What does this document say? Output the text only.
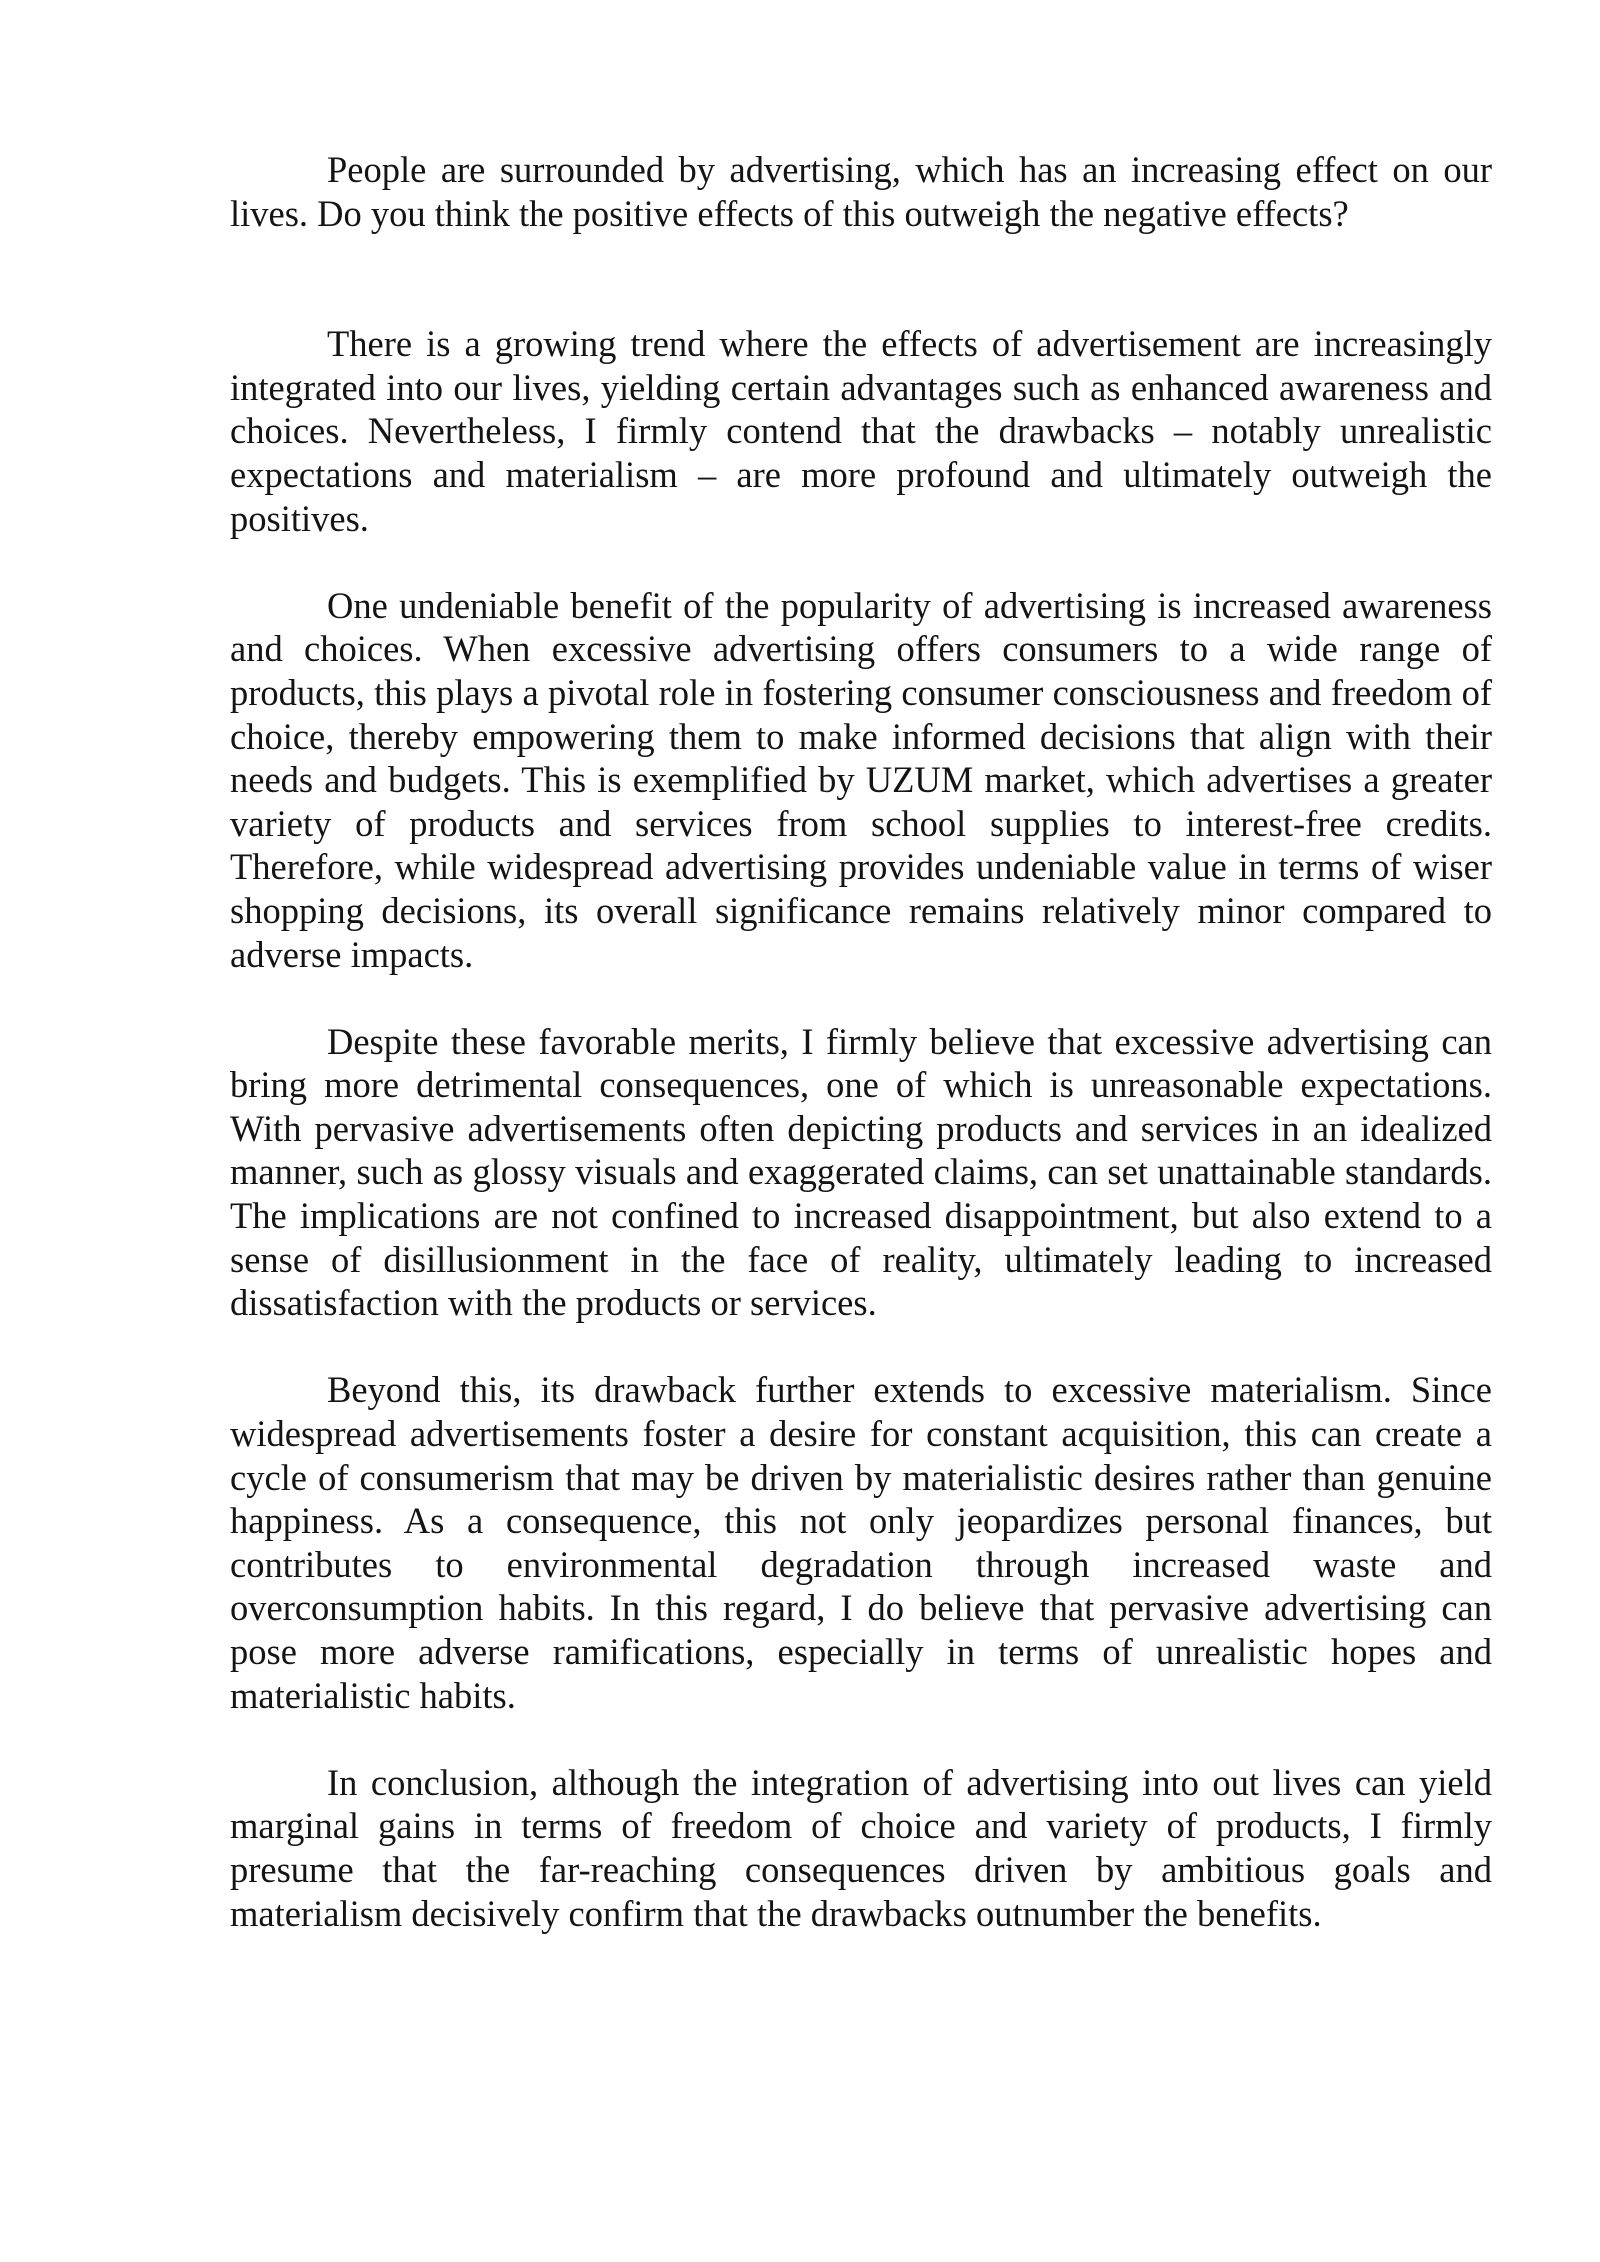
People are surrounded by advertising, which has an increasing effect on our lives. Do you think the positive effects of this outweigh the negative effects?

There is a growing trend where the effects of advertisement are increasingly integrated into our lives, yielding certain advantages such as enhanced awareness and choices. Nevertheless, I firmly contend that the drawbacks – notably unrealistic expectations and materialism – are more profound and ultimately outweigh the positives.

One undeniable benefit of the popularity of advertising is increased awareness and choices. When excessive advertising offers consumers to a wide range of products, this plays a pivotal role in fostering consumer consciousness and freedom of choice, thereby empowering them to make informed decisions that align with their needs and budgets. This is exemplified by UZUM market, which advertises a greater variety of products and services from school supplies to interest-free credits. Therefore, while widespread advertising provides undeniable value in terms of wiser shopping decisions, its overall significance remains relatively minor compared to adverse impacts.

Despite these favorable merits, I firmly believe that excessive advertising can bring more detrimental consequences, one of which is unreasonable expectations. With pervasive advertisements often depicting products and services in an idealized manner, such as glossy visuals and exaggerated claims, can set unattainable standards. The implications are not confined to increased disappointment, but also extend to a sense of disillusionment in the face of reality, ultimately leading to increased dissatisfaction with the products or services.

Beyond this, its drawback further extends to excessive materialism. Since widespread advertisements foster a desire for constant acquisition, this can create a cycle of consumerism that may be driven by materialistic desires rather than genuine happiness. As a consequence, this not only jeopardizes personal finances, but contributes to environmental degradation through increased waste and overconsumption habits. In this regard, I do believe that pervasive advertising can pose more adverse ramifications, especially in terms of unrealistic hopes and materialistic habits.

In conclusion, although the integration of advertising into out lives can yield marginal gains in terms of freedom of choice and variety of products, I firmly presume that the far-reaching consequences driven by ambitious goals and materialism decisively confirm that the drawbacks outnumber the benefits.
